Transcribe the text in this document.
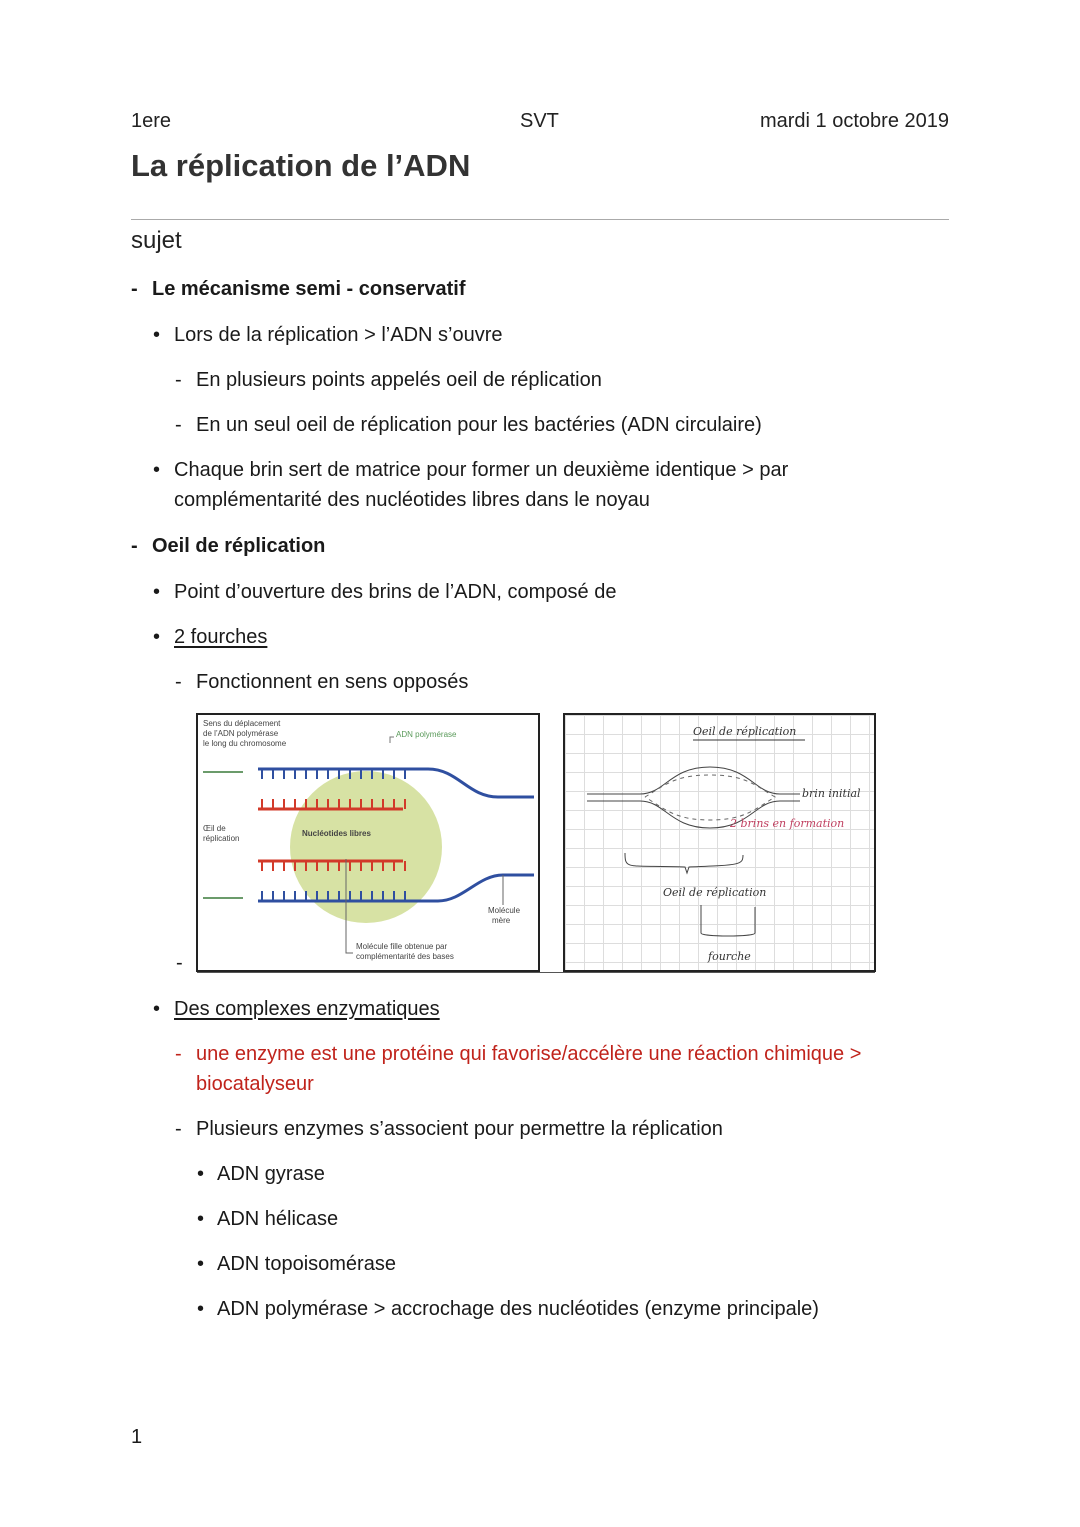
1ere	SVT	mardi 1 octobre 2019
La réplication de l’ADN
sujet
- Le mécanisme semi - conservatif
• Lors de la réplication > l’ADN s’ouvre
- En plusieurs points appelés oeil de réplication
- En un seul oeil de réplication pour les bactéries (ADN circulaire)
• Chaque brin sert de matrice pour former un deuxième identique > par
complémentarité des nucléotides libres dans le noyau
- Oeil de réplication
• Point d’ouverture des brins de l’ADN, composé de
• 2 fourches
- Fonctionnent en sens opposés
-
Sens du déplacement
de l’ADN polymérase
le long du chromosome
Œil de
réplication
Molécule
mère
Molécule fille obtenue par
complémentarité des bases
Nucléotides libres
ADN polymérase	Oeil de réplication
brin initial
2 brins en formation
Oeil de réplication
fourche
• Des complexes enzymatiques
- une enzyme est une protéine qui favorise/accélère une réaction chimique >
biocatalyseur
- Plusieurs enzymes s’associent pour permettre la réplication
• ADN gyrase
• ADN hélicase
• ADN topoisomérase
• ADN polymérase > accrochage des nucléotides (enzyme principale)
1
